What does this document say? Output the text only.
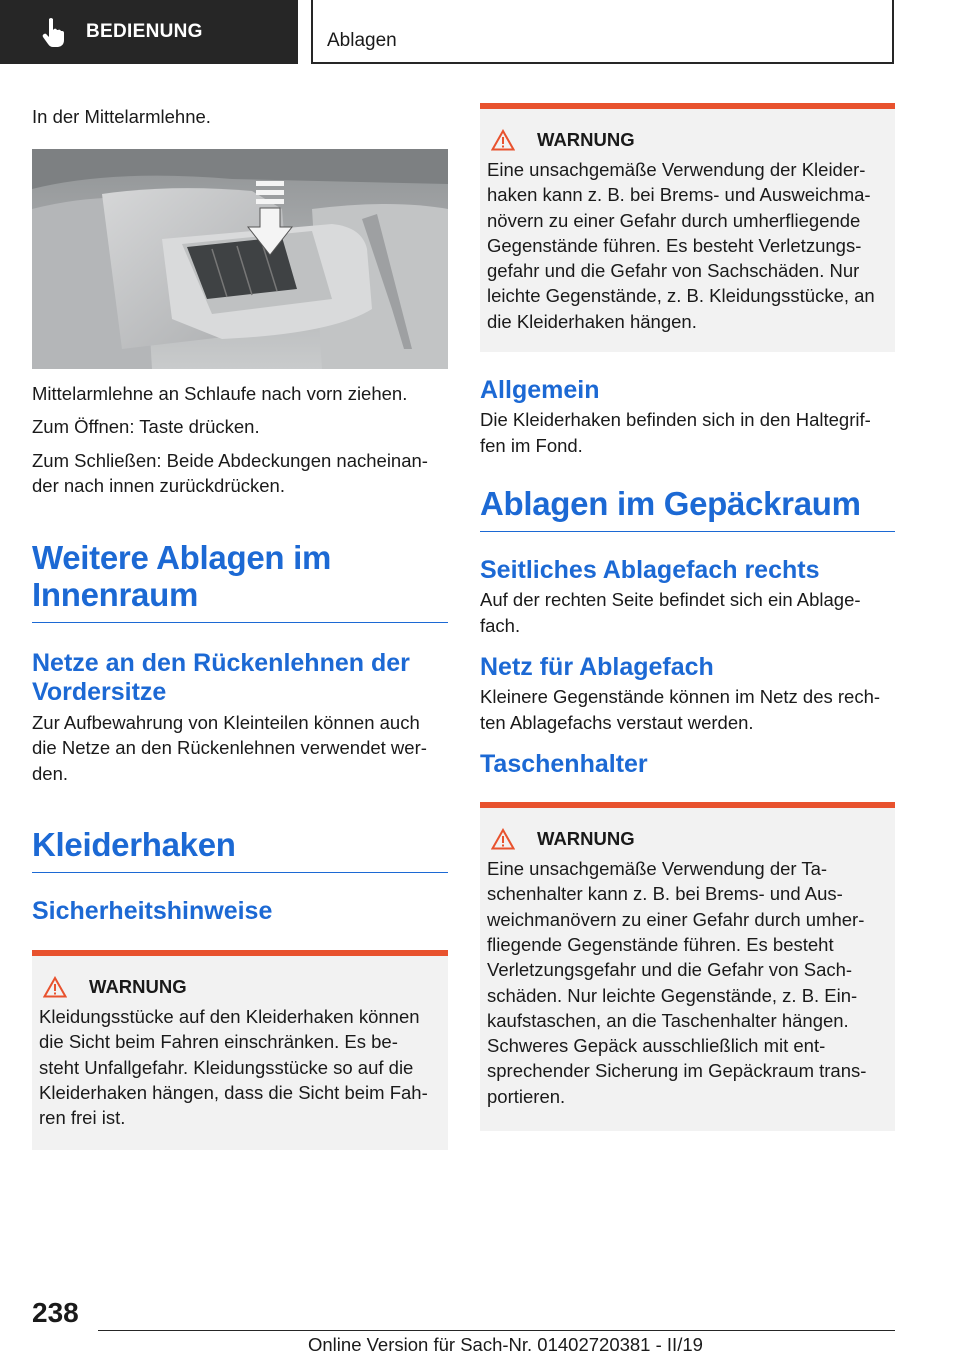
BEDIENUNG	Ablagen

In der Mittelarmlehne.

Mittelarmlehne an Schlaufe nach vorn ziehen.

Zum Öffnen: Taste drücken.

Zum Schließen: Beide Abdeckungen nacheinan-

der nach innen zurückdrücken.

Weitere Ablagen im
Innenraum
Netze an den Rückenlehnen der
Vordersitze

Zur Aufbewahrung von Kleinteilen können auch

die Netze an den Rückenlehnen verwendet wer-

den.

Kleiderhaken
Sicherheitshinweise
WARNUNG

Kleidungsstücke auf den Kleiderhaken können

die Sicht beim Fahren einschränken. Es be-

steht Unfallgefahr. Kleidungsstücke so auf die

Kleiderhaken hängen, dass die Sicht beim Fah-

ren frei ist.

WARNUNG

Eine unsachgemäße Verwendung der Kleider-

haken kann z. B. bei Brems- und Ausweichma-

növern zu einer Gefahr durch umherfliegende

Gegenstände führen. Es besteht Verletzungs-

gefahr und die Gefahr von Sachschäden. Nur

leichte Gegenstände, z. B. Kleidungsstücke, an

die Kleiderhaken hängen.

Allgemein

Die Kleiderhaken befinden sich in den Haltegrif-

fen im Fond.

Ablagen im Gepäckraum
Seitliches Ablagefach rechts

Auf der rechten Seite befindet sich ein Ablage-

fach.

Netz für Ablagefach

Kleinere Gegenstände können im Netz des rech-

ten Ablagefachs verstaut werden.

Taschenhalter
WARNUNG

Eine unsachgemäße Verwendung der Ta-

schenhalter kann z. B. bei Brems- und Aus-

weichmanövern zu einer Gefahr durch umher-

fliegende Gegenstände führen. Es besteht

Verletzungsgefahr und die Gefahr von Sach-

schäden. Nur leichte Gegenstände, z. B. Ein-

kaufstaschen, an die Taschenhalter hängen.

Schweres Gepäck ausschließlich mit ent-

sprechender Sicherung im Gepäckraum trans-

portieren.

238
Online Version für Sach-Nr. 01402720381 - II/19
